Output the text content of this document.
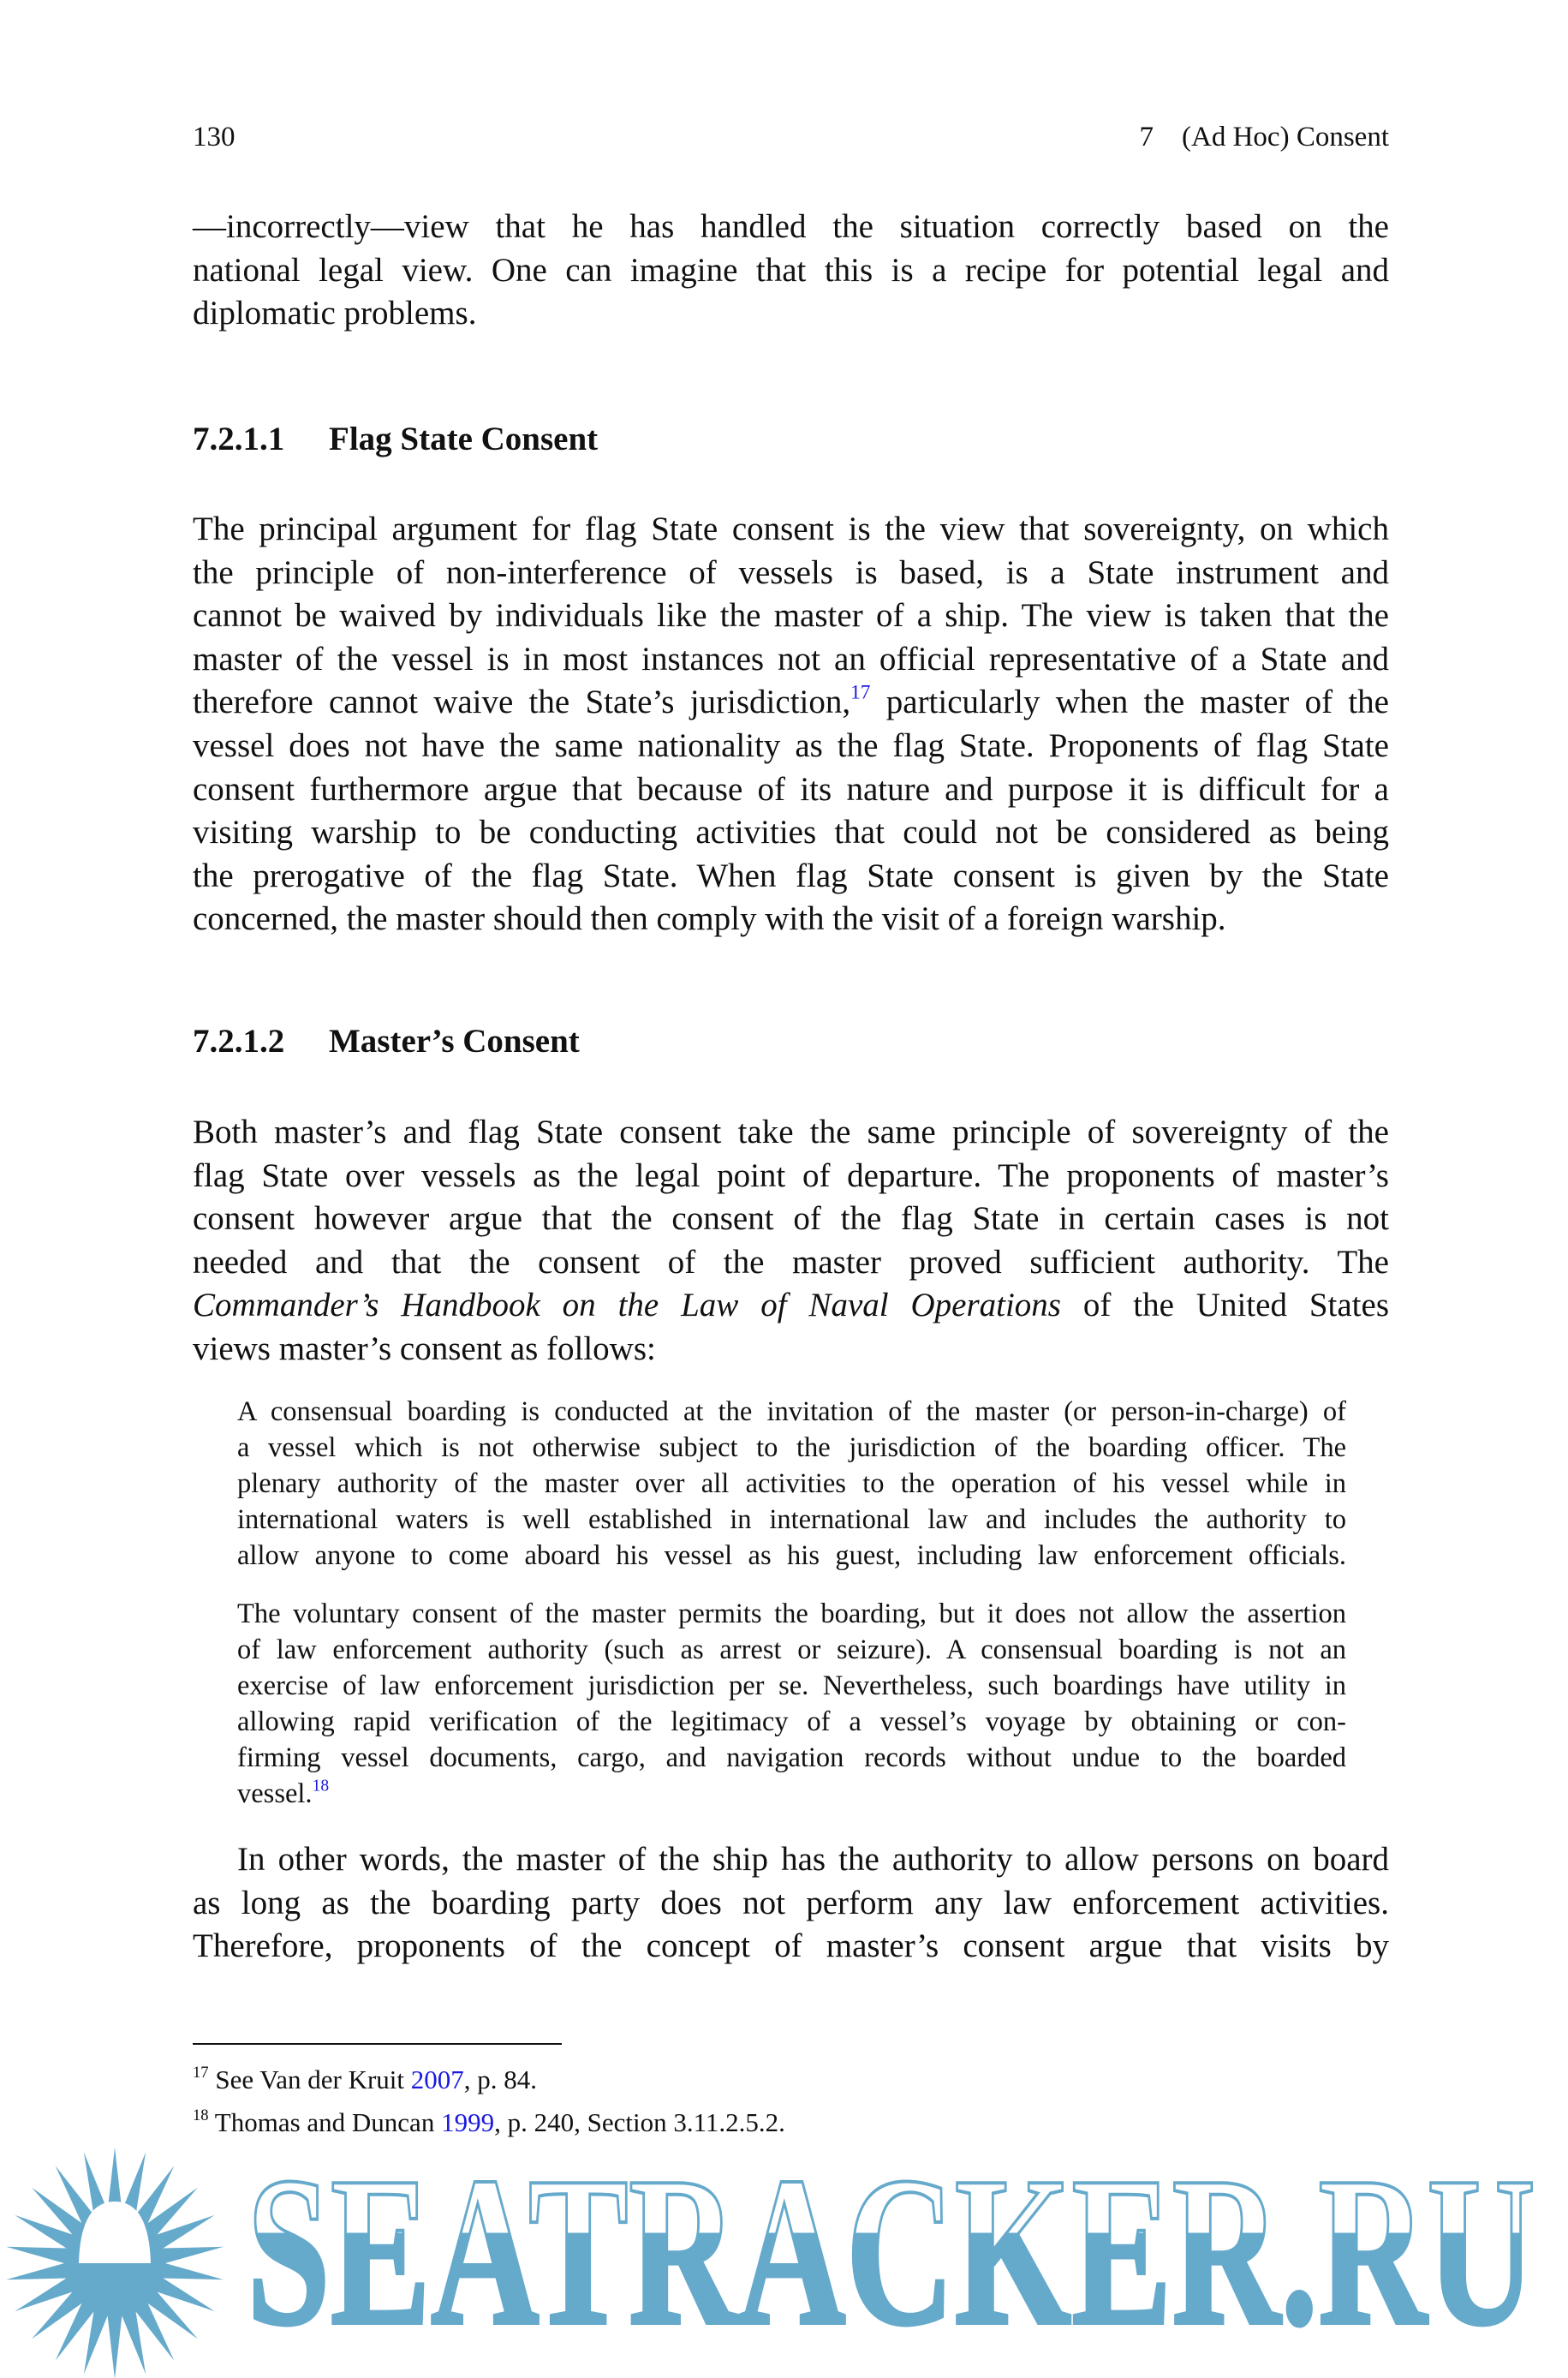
130	7 (Ad Hoc) Consent
—incorrectly—view that he has handled the situation correctly based on the
national legal view. One can imagine that this is a recipe for potential legal and
diplomatic problems.
7.2.1.1 Flag State Consent
The principal argument for flag State consent is the view that sovereignty, on which
the principle of non-interference of vessels is based, is a State instrument and
cannot be waived by individuals like the master of a ship. The view is taken that the
master of the vessel is in most instances not an official representative of a State and
therefore cannot waive the State’s jurisdiction,$^{17}$ particularly when the master of the
vessel does not have the same nationality as the flag State. Proponents of flag State
consent furthermore argue that because of its nature and purpose it is difficult for a
visiting warship to be conducting activities that could not be considered as being
the prerogative of the flag State. When flag State consent is given by the State
concerned, the master should then comply with the visit of a foreign warship.
7.2.1.2 Master’s Consent
Both master’s and flag State consent take the same principle of sovereignty of the
flag State over vessels as the legal point of departure. The proponents of master’s
consent however argue that the consent of the flag State in certain cases is not
needed and that the consent of the master proved sufficient authority. The
Commander’s Handbook on the Law of Naval Operations of the United States
views master’s consent as follows:
A consensual boarding is conducted at the invitation of the master (or person-in-charge) of
a vessel which is not otherwise subject to the jurisdiction of the boarding officer. The
plenary authority of the master over all activities to the operation of his vessel while in
international waters is well established in international law and includes the authority to
allow anyone to come aboard his vessel as his guest, including law enforcement officials.
The voluntary consent of the master permits the boarding, but it does not allow the assertion
of law enforcement authority (such as arrest or seizure). A consensual boarding is not an
exercise of law enforcement jurisdiction per se. Nevertheless, such boardings have utility in
allowing rapid verification of the legitimacy of a vessel’s voyage by obtaining or con-
firming vessel documents, cargo, and navigation records without undue to the boarded
vessel.$^{18}$
In other words, the master of the ship has the authority to allow persons on board
as long as the boarding party does not perform any law enforcement activities.
Therefore, proponents of the concept of master’s consent argue that visits by
$^{17}$ See Van der Kruit 2007, p. 84.
$^{18}$ Thomas and Duncan 1999, p. 240, Section 3.11.2.5.2.
SEATRACKER.RU
